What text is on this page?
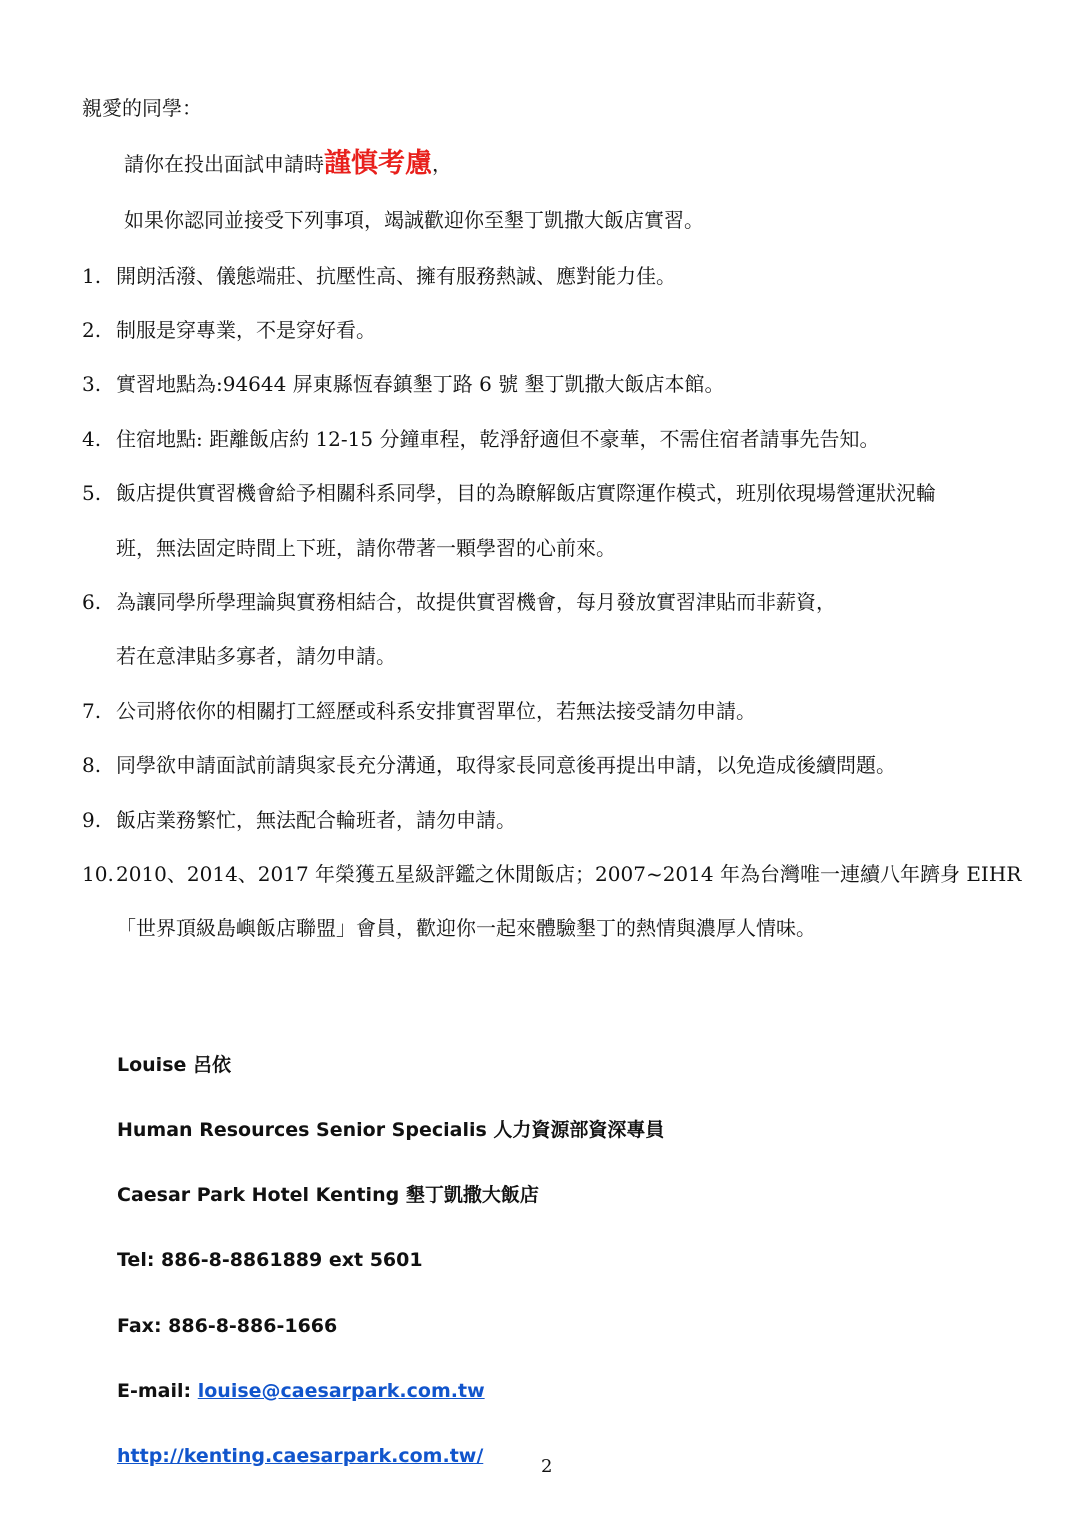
親愛的同學：
請你在投出面試申請時謹慎考慮，
如果你認同並接受下列事項，竭誠歡迎你至墾丁凱撒大飯店實習。
1. 開朗活潑、儀態端莊、抗壓性高、擁有服務熱誠、應對能力佳。
2. 制服是穿專業，不是穿好看。
3. 實習地點為:94644 屏東縣恆春鎮墾丁路 6 號 墾丁凱撒大飯店本館。
4. 住宿地點: 距離飯店約 12-15 分鐘車程，乾淨舒適但不豪華，不需住宿者請事先告知。
5. 飯店提供實習機會給予相關科系同學，目的為瞭解飯店實際運作模式，班別依現場營運狀況輪
班，無法固定時間上下班，請你帶著一顆學習的心前來。
6. 為讓同學所學理論與實務相結合，故提供實習機會，每月發放實習津貼而非薪資，
若在意津貼多寡者，請勿申請。
7. 公司將依你的相關打工經歷或科系安排實習單位，若無法接受請勿申請。
8. 同學欲申請面試前請與家長充分溝通，取得家長同意後再提出申請，以免造成後續問題。
9. 飯店業務繁忙，無法配合輪班者，請勿申請。
10. 2010、2014、2017 年榮獲五星級評鑑之休閒飯店；2007~2014 年為台灣唯一連續八年躋身 EIHR
「世界頂級島嶼飯店聯盟」會員，歡迎你一起來體驗墾丁的熱情與濃厚人情味。
Louise 呂依
Human Resources Senior Specialis 人力資源部資深專員
Caesar Park Hotel Kenting 墾丁凱撒大飯店
Tel: 886-8-8861889 ext 5601
Fax: 886-8-886-1666
E-mail: louise@caesarpark.com.tw
http://kenting.caesarpark.com.tw/	2
